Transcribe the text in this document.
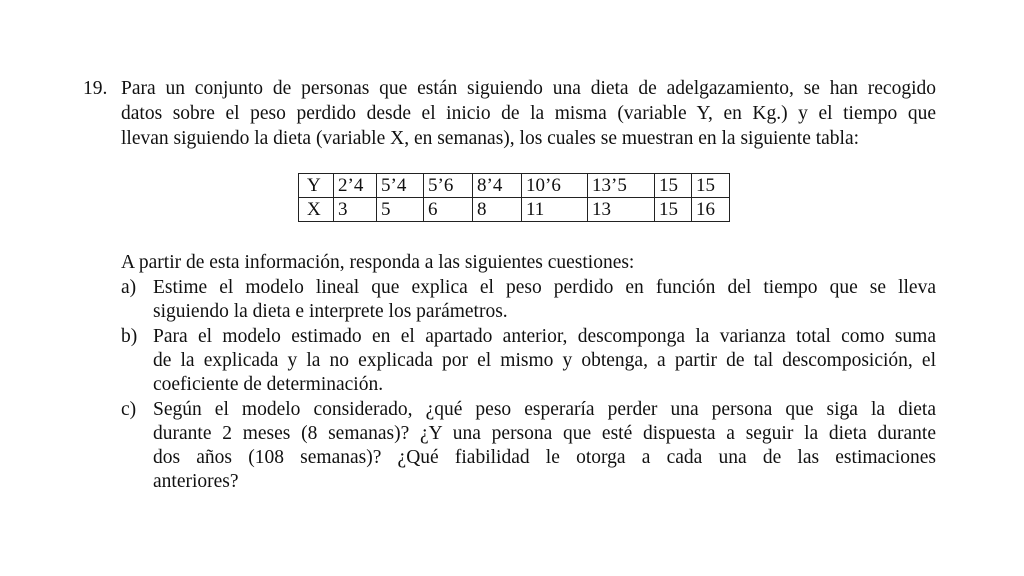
19. Para un conjunto de personas que están siguiendo una dieta de adelgazamiento, se han recogido
datos sobre el peso perdido desde el inicio de la misma (variable Y, en Kg.) y el tiempo que
llevan siguiendo la dieta (variable X, en semanas), los cuales se muestran en la siguiente tabla:
Y	2’4	5’4	5’6	8’4	10’6	13’5	15	15
X	3	5	6	8	11	13	15	16
A partir de esta información, responda a las siguientes cuestiones:
a) Estime el modelo lineal que explica el peso perdido en función del tiempo que se lleva
siguiendo la dieta e interprete los parámetros.
b) Para el modelo estimado en el apartado anterior, descomponga la varianza total como suma
de la explicada y la no explicada por el mismo y obtenga, a partir de tal descomposición, el
coeficiente de determinación.
c) Según el modelo considerado, ¿qué peso esperaría perder una persona que siga la dieta
durante 2 meses (8 semanas)? ¿Y una persona que esté dispuesta a seguir la dieta durante
dos años (108 semanas)? ¿Qué fiabilidad le otorga a cada una de las estimaciones
anteriores?
